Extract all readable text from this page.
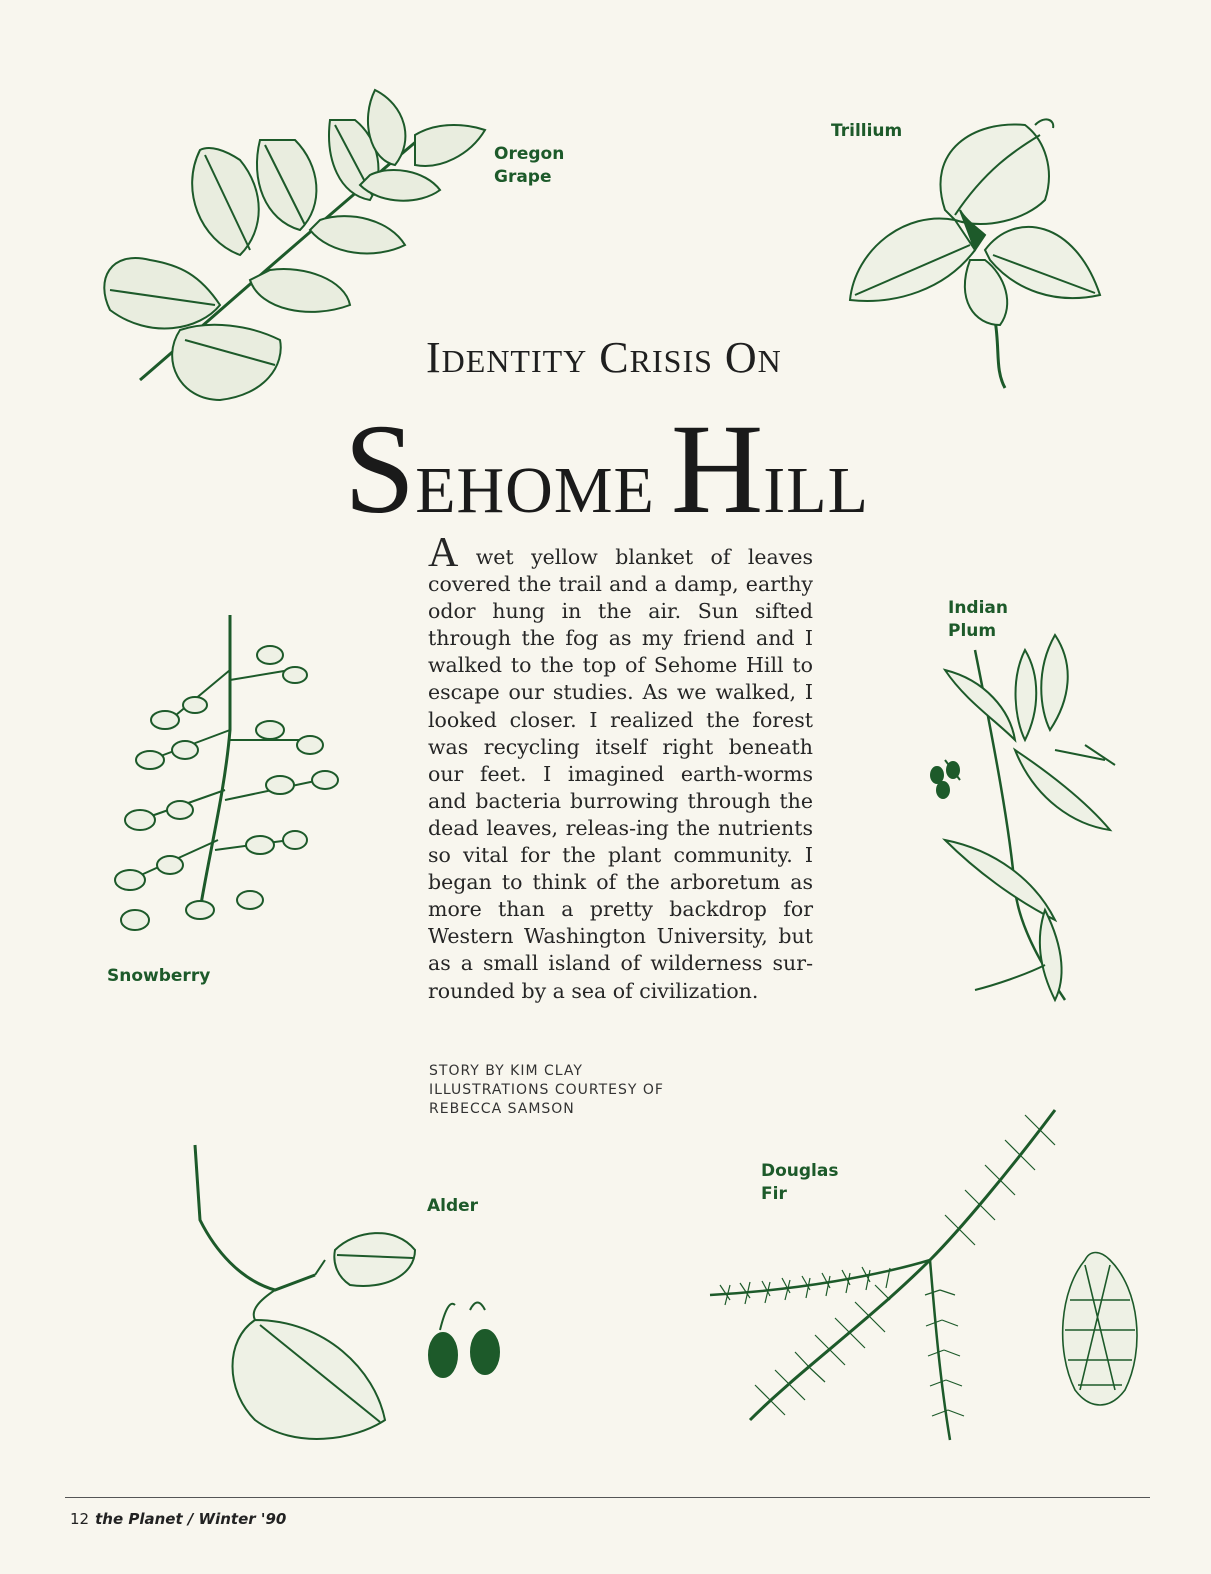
Oregon
Grape
Trillium
IDENTITY CRISIS ON
SEHOME HILL
A wet yellow blanket of leaves covered the trail and a damp, earthy odor hung in the air. Sun sifted through the fog as my friend and I walked to the top of Sehome Hill to escape our studies. As we walked, I looked closer. I realized the forest was recycling itself right beneath our feet. I imagined earth-worms and bacteria burrowing through the dead leaves, releas-ing the nutrients so vital for the plant community. I began to think of the arboretum as more than a pretty backdrop for Western Washington University, but as a small island of wilderness sur-rounded by a sea of civilization.
STORY BY KIM CLAY
ILLUSTRATIONS COURTESY OF
REBECCA SAMSON
Snowberry
Indian
Plum
Alder
Douglas
Fir
12 the Planet / Winter '90
